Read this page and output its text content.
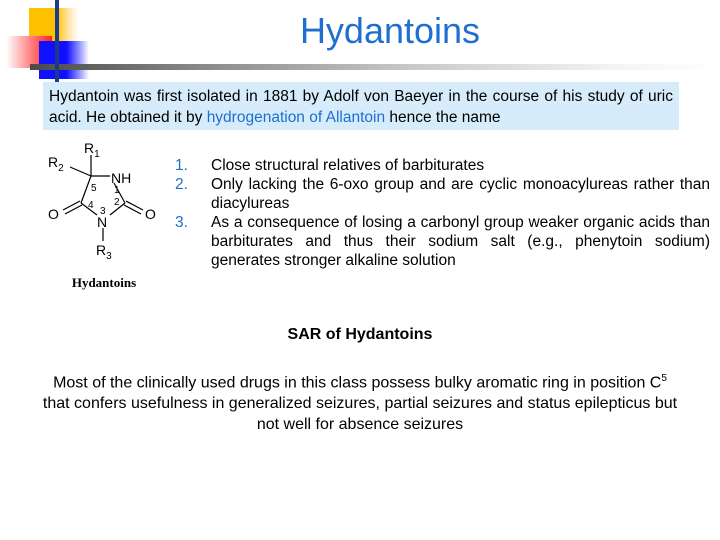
Hydantoins
Hydantoin was first isolated in 1881 by Adolf von Baeyer in the course of his study of uric acid. He obtained it by hydrogenation of Allantoin hence the name
$R_1$
$R_2$
NH
N
O	O
$R_3$
1
2
3
4
5
Hydantoins
1.	Close structural relatives of barbiturates
2.	Only lacking the 6-oxo group and are cyclic monoacylureas rather than diacylureas
3.	As a consequence of losing a carbonyl group weaker organic acids than barbiturates and thus their sodium salt (e.g., phenytoin sodium) generates stronger alkaline solution
SAR of Hydantoins
Most of the clinically used drugs in this class possess bulky aromatic ring in position $C^5$ that confers usefulness in generalized seizures, partial seizures and status epilepticus but not well for absence seizures
